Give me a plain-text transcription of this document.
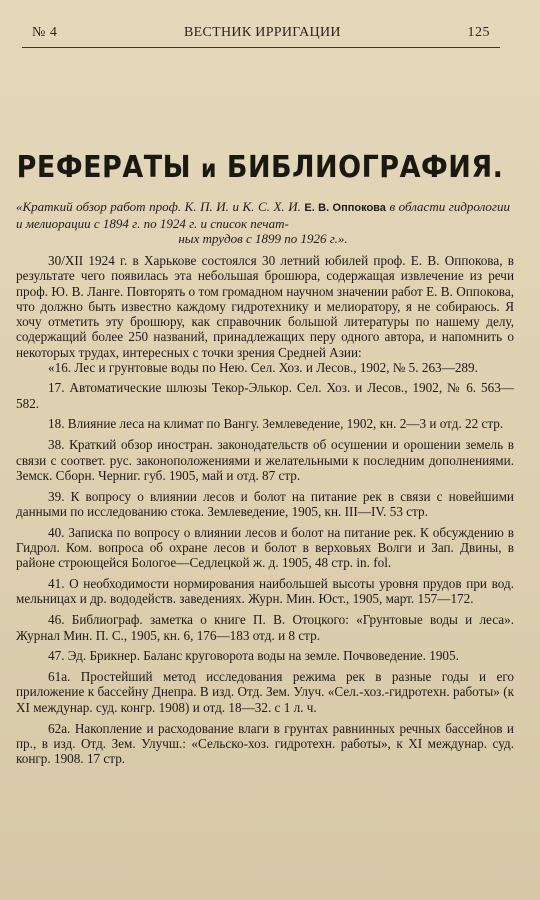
№ 4	ВЕСТНИК ИРРИГАЦИИ	125
РЕФЕРАТЫ и БИБЛИОГРАФИЯ.
«Краткий обзор работ проф. К. П. И. и К. С. Х. И. Е. В. Оппокова в области гидрологии и мелиорации с 1894 г. по 1924 г. и список печат-
ных трудов с 1899 по 1926 г.».

30/XII 1924 г. в Харькове состоялся 30 летний юбилей проф. Е. В. Оппокова, в результате чего появилась эта небольшая брошюра, содержащая извлечение из речи проф. Ю. В. Ланге. Повторять о том громадном научном значении работ Е. В. Оппокова, что должно быть известно каждому гидротехнику и мелиоратору, я не собираюсь. Я хочу отметить эту брошюру, как справочник большой литературы по нашему делу, содержащий более 250 названий, принадлежащих перу одного автора, и напомнить о некоторых трудах, интересных с точки зрения Средней Азии:

«16. Лес и грунтовые воды по Нею. Сел. Хоз. и Лесов., 1902, № 5. 263—289.

17. Автоматические шлюзы Текор-Элькор. Сел. Хоз. и Лесов., 1902, № 6. 563—582.

18. Влияние леса на климат по Вангу. Землеведение, 1902, кн. 2—3 и отд. 22 стр.

38. Краткий обзор иностран. законодательств об осушении и орошении земель в связи с соответ. рус. законоположениями и желательными к последним дополнениями. Земск. Сборн. Черниг. губ. 1905, май и отд. 87 стр.

39. К вопросу о влиянии лесов и болот на питание рек в связи с новейшими данными по исследованию стока. Землеведение, 1905, кн. III—IV. 53 стр.

40. Записка по вопросу о влиянии лесов и болот на питание рек. К обсуждению в Гидрол. Ком. вопроса об охране лесов и болот в верховьях Волги и Зап. Двины, в районе строющейся Бологое—Седлецкой ж. д. 1905, 48 стр. in. fol.

41. О необходимости нормирования наибольшей высоты уровня прудов при вод. мельницах и др. вододейств. заведениях. Журн. Мин. Юст., 1905, март. 157—172.

46. Библиограф. заметка о книге П. В. Отоцкого: «Грунтовые воды и леса». Журнал Мин. П. С., 1905, кн. 6, 176—183 отд. и 8 стр.

47. Эд. Брикнер. Баланс круговорота воды на земле. Почвоведение. 1905.

61а. Простейший метод исследования режима рек в разные годы и его приложение к бассейну Днепра. В изд. Отд. Зем. Улуч. «Сел.-хоз.-гидротехн. работы» (к XI междунар. суд. конгр. 1908) и отд. 18—32. с 1 л. ч.

62а. Накопление и расходование влаги в грунтах равнинных речных бассейнов и пр., в изд. Отд. Зем. Улучш.: «Сельско-хоз. гидротехн. работы», к XI междунар. суд. конгр. 1908. 17 стр.
